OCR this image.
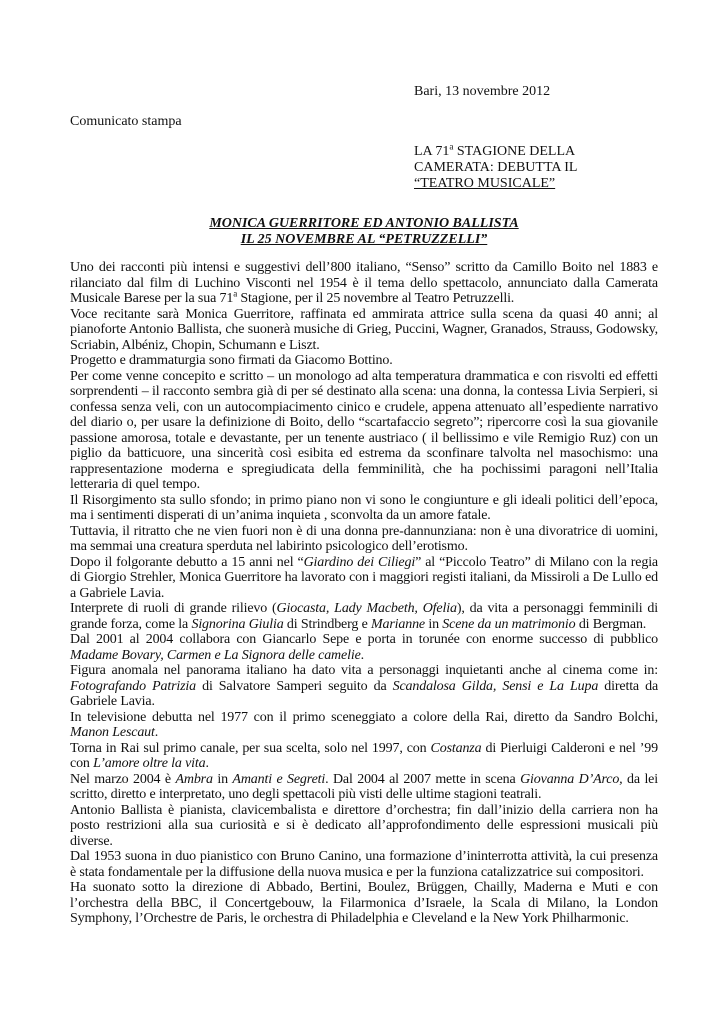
Bari, 13 novembre 2012
Comunicato stampa
LA 71$^a$ STAGIONE DELLA
CAMERATA: DEBUTTA IL
“TEATRO MUSICALE”
MONICA GUERRITORE ED ANTONIO BALLISTA
IL 25 NOVEMBRE AL “PETRUZZELLI”

Uno dei racconti più intensi e suggestivi dell’800 italiano, “Senso” scritto da Camillo Boito nel 1883 e rilanciato dal film di Luchino Visconti nel 1954 è il tema dello spettacolo, annunciato dalla Camerata Musicale Barese per la sua 71$^a$ Stagione, per il 25 novembre al Teatro Petruzzelli.

Voce recitante sarà Monica Guerritore, raffinata ed ammirata attrice sulla scena da quasi 40 anni; al pianoforte Antonio Ballista, che suonerà musiche di Grieg, Puccini, Wagner, Granados, Strauss, Godowsky, Scriabin, Albéniz, Chopin, Schumann e Liszt.

Progetto e drammaturgia sono firmati da Giacomo Bottino.

Per come venne concepito e scritto – un monologo ad alta temperatura drammatica e con risvolti ed effetti sorprendenti – il racconto sembra già di per sé destinato alla scena: una donna, la contessa Livia Serpieri, si confessa senza veli, con un autocompiacimento cinico e crudele, appena attenuato all’espediente narrativo del diario o, per usare la definizione di Boito, dello “scartafaccio segreto”; ripercorre così la sua giovanile passione amorosa, totale e devastante, per un tenente austriaco ( il bellissimo e vile Remigio Ruz) con un piglio da batticuore, una sincerità così esibita ed estrema da sconfinare talvolta nel masochismo: una rappresentazione moderna e spregiudicata della femminilità, che ha pochissimi paragoni nell’Italia letteraria di quel tempo.

Il Risorgimento sta sullo sfondo; in primo piano non vi sono le congiunture e gli ideali politici dell’epoca, ma i sentimenti disperati di un’anima inquieta , sconvolta da un amore fatale.

Tuttavia, il ritratto che ne vien fuori non è di una donna pre-dannunziana: non è una divoratrice di uomini, ma semmai una creatura sperduta nel labirinto psicologico dell’erotismo.

Dopo il folgorante debutto a 15 anni nel “Giardino dei Ciliegi” al “Piccolo Teatro” di Milano con la regia di Giorgio Strehler, Monica Guerritore ha lavorato con i maggiori registi italiani, da Missiroli a De Lullo ed a Gabriele Lavia.

Interprete di ruoli di grande rilievo (Giocasta, Lady Macbeth, Ofelia), da vita a personaggi femminili di grande forza, come la Signorina Giulia di Strindberg e Marianne in Scene da un matrimonio di Bergman.

Dal 2001 al 2004 collabora con Giancarlo Sepe e porta in torunée con enorme successo di pubblico Madame Bovary, Carmen e La Signora delle camelie.

Figura anomala nel panorama italiano ha dato vita a personaggi inquietanti anche al cinema come in: Fotografando Patrizia di Salvatore Samperi seguito da Scandalosa Gilda, Sensi e La Lupa diretta da Gabriele Lavia.

In televisione debutta nel 1977 con il primo sceneggiato a colore della Rai, diretto da Sandro Bolchi, Manon Lescaut.

Torna in Rai sul primo canale, per sua scelta, solo nel 1997, con Costanza di Pierluigi Calderoni e nel ’99 con L’amore oltre la vita.

Nel marzo 2004 è Ambra in Amanti e Segreti. Dal 2004 al 2007 mette in scena Giovanna D’Arco, da lei scritto, diretto e interpretato, uno degli spettacoli più visti delle ultime stagioni teatrali.

Antonio Ballista è pianista, clavicembalista e direttore d’orchestra; fin dall’inizio della carriera non ha posto restrizioni alla sua curiosità e si è dedicato all’approfondimento delle espressioni musicali più diverse.

Dal 1953 suona in duo pianistico con Bruno Canino, una formazione d’ininterrotta attività, la cui presenza è stata fondamentale per la diffusione della nuova musica e per la funziona catalizzatrice sui compositori.

Ha suonato sotto la direzione di Abbado, Bertini, Boulez, Brüggen, Chailly, Maderna e Muti e con l’orchestra della BBC, il Concertgebouw, la Filarmonica d’Israele, la Scala di Milano, la London Symphony, l’Orchestre de Paris, le orchestra di Philadelphia e Cleveland e la New York Philharmonic.
